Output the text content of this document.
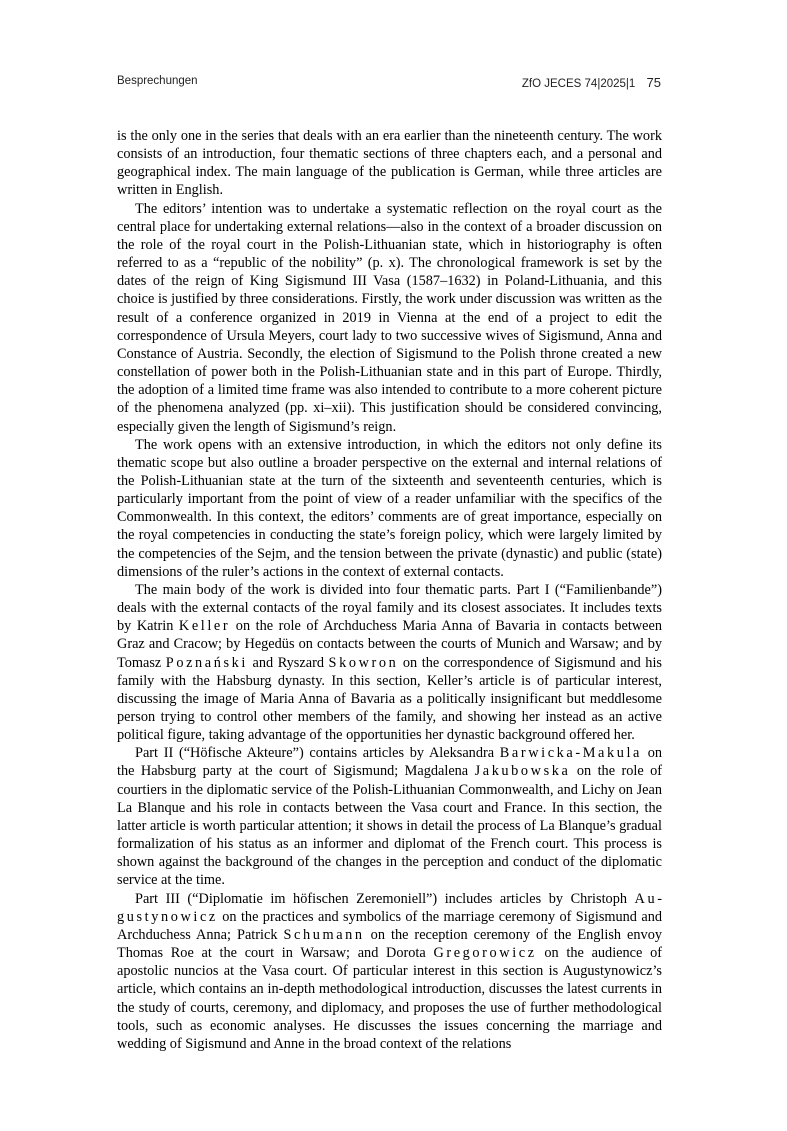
Besprechungen	ZfO JECES 74|2025|1 75

is the only one in the series that deals with an era earlier than the nineteenth century. The work consists of an introduction, four thematic sections of three chapters each, and a personal and geographical index. The main language of the publication is German, while three articles are written in English.

The editors’ intention was to undertake a systematic reflection on the royal court as the central place for undertaking external relations—also in the context of a broader discussion on the role of the royal court in the Polish-Lithuanian state, which in historiography is often referred to as a “republic of the nobility” (p. x). The chronological framework is set by the dates of the reign of King Sigismund III Vasa (1587–1632) in Poland-Lithuania, and this choice is justified by three considerations. Firstly, the work under discussion was written as the result of a conference organized in 2019 in Vienna at the end of a project to edit the correspondence of Ursula Meyers, court lady to two successive wives of Sigismund, Anna and Constance of Austria. Secondly, the election of Sigismund to the Polish throne created a new constellation of power both in the Polish-Lithuanian state and in this part of Europe. Thirdly, the adoption of a limited time frame was also intended to contribute to a more coherent picture of the phenomena analyzed (pp. xi–xii). This justification should be considered convincing, especially given the length of Sigismund’s reign.

The work opens with an extensive introduction, in which the editors not only define its thematic scope but also outline a broader perspective on the external and internal relations of the Polish-Lithuanian state at the turn of the sixteenth and seventeenth centuries, which is particularly important from the point of view of a reader unfamiliar with the specifics of the Commonwealth. In this context, the editors’ comments are of great importance, especially on the royal competencies in conducting the state’s foreign policy, which were largely limited by the competencies of the Sejm, and the tension between the private (dynastic) and public (state) dimensions of the ruler’s actions in the context of external contacts.

The main body of the work is divided into four thematic parts. Part I (“Familienbande”) deals with the external contacts of the royal family and its closest associates. It includes texts by Katrin Keller on the role of Archduchess Maria Anna of Bavaria in contacts between Graz and Cracow; by Hegedüs on contacts between the courts of Munich and Warsaw; and by Tomasz Poznański and Ryszard Skowron on the correspondence of Sigismund and his family with the Habsburg dynasty. In this section, Keller’s article is of particular interest, discussing the image of Maria Anna of Bavaria as a politically insignificant but meddlesome person trying to control other members of the family, and showing her instead as an active political figure, taking advantage of the opportunities her dynastic background offered her.

Part II (“Höfische Akteure”) contains articles by Aleksandra Barwicka-Makula on the Habsburg party at the court of Sigismund; Magdalena Jakubowska on the role of courtiers in the diplomatic service of the Polish-Lithuanian Commonwealth, and Lichy on Jean La Blanque and his role in contacts between the Vasa court and France. In this section, the latter article is worth particular attention; it shows in detail the process of La Blanque’s gradual formalization of his status as an informer and diplomat of the French court. This process is shown against the background of the changes in the perception and conduct of the diplomatic service at the time.

Part III (“Diplomatie im höfischen Zeremoniell”) includes articles by Christoph Augustynowicz on the practices and symbolics of the marriage ceremony of Sigismund and Archduchess Anna; Patrick Schumann on the reception ceremony of the English envoy Thomas Roe at the court in Warsaw; and Dorota Gregorowicz on the audience of apostolic nuncios at the Vasa court. Of particular interest in this section is Augustynowicz’s article, which contains an in-depth methodological introduction, discusses the latest currents in the study of courts, ceremony, and diplomacy, and proposes the use of further methodological tools, such as economic analyses. He discusses the issues concerning the marriage and wedding of Sigismund and Anne in the broad context of the relations
